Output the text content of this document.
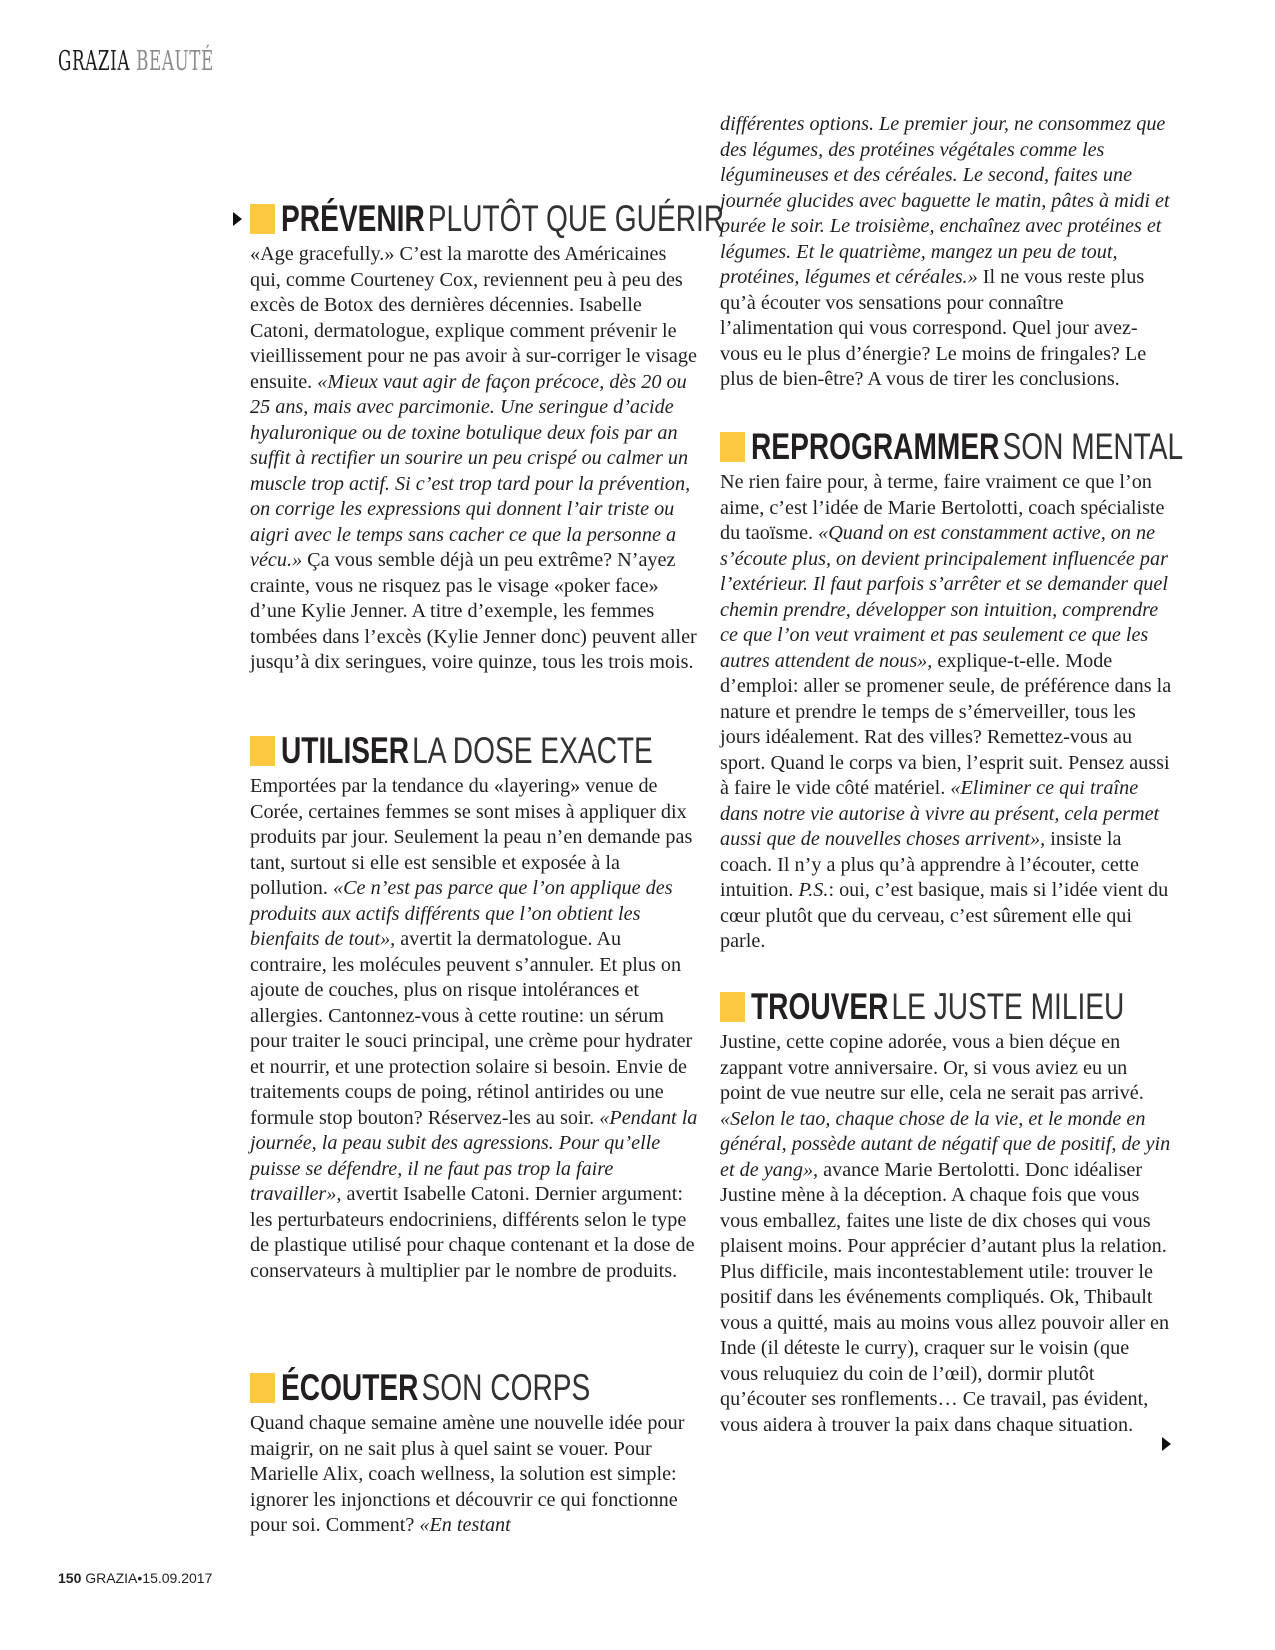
GRAZIA BEAUTÉ
PRÉVENIR PLUTÔT QUE GUÉRIR
«Age gracefully.» C’est la marotte des Américaines qui, comme Courteney Cox, reviennent peu à peu des excès de Botox des dernières décennies. Isabelle Catoni, dermatologue, explique comment prévenir le vieillissement pour ne pas avoir à sur-corriger le visage ensuite. «Mieux vaut agir de façon précoce, dès 20 ou 25 ans, mais avec parcimonie. Une seringue d’acide hyaluronique ou de toxine botulique deux fois par an suffit à rectifier un sourire un peu crispé ou calmer un muscle trop actif. Si c’est trop tard pour la prévention, on corrige les expressions qui donnent l’air triste ou aigri avec le temps sans cacher ce que la personne a vécu.» Ça vous semble déjà un peu extrême? N’ayez crainte, vous ne risquez pas le visage «poker face» d’une Kylie Jenner. A titre d’exemple, les femmes tombées dans l’excès (Kylie Jenner donc) peuvent aller jusqu’à dix seringues, voire quinze, tous les trois mois.
UTILISER LA DOSE EXACTE
Emportées par la tendance du «layering» venue de Corée, certaines femmes se sont mises à appliquer dix produits par jour. Seulement la peau n’en demande pas tant, surtout si elle est sensible et exposée à la pollution. «Ce n’est pas parce que l’on applique des produits aux actifs différents que l’on obtient les bienfaits de tout», avertit la dermatologue. Au contraire, les molécules peuvent s’annuler. Et plus on ajoute de couches, plus on risque intolérances et allergies. Cantonnez-vous à cette routine: un sérum pour traiter le souci principal, une crème pour hydrater et nourrir, et une protection solaire si besoin. Envie de traitements coups de poing, rétinol antirides ou une formule stop bouton? Réservez-les au soir. «Pendant la journée, la peau subit des agressions. Pour qu’elle puisse se défendre, il ne faut pas trop la faire travailler», avertit Isabelle Catoni. Dernier argument: les perturbateurs endocriniens, différents selon le type de plastique utilisé pour chaque contenant et la dose de conservateurs à multiplier par le nombre de produits.
ÉCOUTER SON CORPS
Quand chaque semaine amène une nouvelle idée pour maigrir, on ne sait plus à quel saint se vouer. Pour Marielle Alix, coach wellness, la solution est simple: ignorer les injonctions et découvrir ce qui fonctionne pour soi. Comment? «En testant
différentes options. Le premier jour, ne consommez que des légumes, des protéines végétales comme les légumineuses et des céréales. Le second, faites une journée glucides avec baguette le matin, pâtes à midi et purée le soir. Le troisième, enchaînez avec protéines et légumes. Et le quatrième, mangez un peu de tout, protéines, légumes et céréales.» Il ne vous reste plus qu’à écouter vos sensations pour connaître l’alimentation qui vous correspond. Quel jour avez-vous eu le plus d’énergie? Le moins de fringales? Le plus de bien-être? A vous de tirer les conclusions.
REPROGRAMMER SON MENTAL
Ne rien faire pour, à terme, faire vraiment ce que l’on aime, c’est l’idée de Marie Bertolotti, coach spécialiste du taoïsme. «Quand on est constamment active, on ne s’écoute plus, on devient principalement influencée par l’extérieur. Il faut parfois s’arrêter et se demander quel chemin prendre, développer son intuition, comprendre ce que l’on veut vraiment et pas seulement ce que les autres attendent de nous», explique-t-elle. Mode d’emploi: aller se promener seule, de préférence dans la nature et prendre le temps de s’émerveiller, tous les jours idéalement. Rat des villes? Remettez-vous au sport. Quand le corps va bien, l’esprit suit. Pensez aussi à faire le vide côté matériel. «Eliminer ce qui traîne dans notre vie autorise à vivre au présent, cela permet aussi que de nouvelles choses arrivent», insiste la coach. Il n’y a plus qu’à apprendre à l’écouter, cette intuition. P.S.: oui, c’est basique, mais si l’idée vient du cœur plutôt que du cerveau, c’est sûrement elle qui parle.
TROUVER LE JUSTE MILIEU
Justine, cette copine adorée, vous a bien déçue en zappant votre anniversaire. Or, si vous aviez eu un point de vue neutre sur elle, cela ne serait pas arrivé. «Selon le tao, chaque chose de la vie, et le monde en général, possède autant de négatif que de positif, de yin et de yang», avance Marie Bertolotti. Donc idéaliser Justine mène à la déception. A chaque fois que vous vous emballez, faites une liste de dix choses qui vous plaisent moins. Pour apprécier d’autant plus la relation. Plus difficile, mais incontestablement utile: trouver le positif dans les événements compliqués. Ok, Thibault vous a quitté, mais au moins vous allez pouvoir aller en Inde (il déteste le curry), craquer sur le voisin (que vous reluquiez du coin de l’œil), dormir plutôt qu’écouter ses ronflements… Ce travail, pas évident, vous aidera à trouver la paix dans chaque situation.
150 GRAZIA•15.09.2017
